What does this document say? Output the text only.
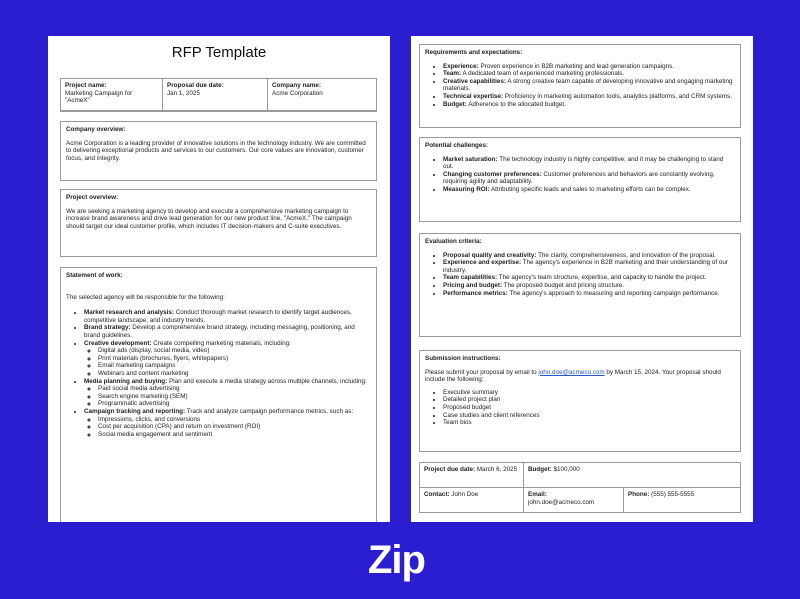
RFP Template
Project name:
Marketing Campaign for "AcmeX"
Proposal due date:
Jan 1, 2025
Company name:
Acme Corporation
Company overview:

Acme Corporation is a leading provider of innovative solutions in the technology industry. We are committed to delivering exceptional products and services to our customers. Our core values are innovation, customer focus, and integrity.

Project overview:

We are seeking a marketing agency to develop and execute a comprehensive marketing campaign to increase brand awareness and drive lead generation for our new product line, "AcmeX." The campaign should target our ideal customer profile, which includes IT decision-makers and C-suite executives.

Statement of work:

The selected agency will be responsible for the following:

• Market research and analysis: Conduct thorough market research to identify target audiences, competitive landscape, and industry trends.
• Brand strategy: Develop a comprehensive brand strategy, including messaging, positioning, and brand guidelines.
• Creative development: Create compelling marketing materials, including:
◦ Digital ads (display, social media, video)
◦ Print materials (brochures, flyers, whitepapers)
◦ Email marketing campaigns
◦ Webinars and content marketing
• Media planning and buying: Plan and execute a media strategy across multiple channels, including:
◦ Paid social media advertising
◦ Search engine marketing (SEM)
◦ Programmatic advertising
• Campaign tracking and reporting: Track and analyze campaign performance metrics, such as:
◦ Impressions, clicks, and conversions
◦ Cost per acquisition (CPA) and return on investment (ROI)
◦ Social media engagement and sentiment
Requirements and expectations:
• Experience: Proven experience in B2B marketing and lead generation campaigns.
• Team: A dedicated team of experienced marketing professionals.
• Creative capabilities: A strong creative team capable of developing innovative and engaging marketing materials.
• Technical expertise: Proficiency in marketing automation tools, analytics platforms, and CRM systems.
• Budget: Adherence to the allocated budget.
Potential challenges:
• Market saturation: The technology industry is highly competitive, and it may be challenging to stand out.
• Changing customer preferences: Customer preferences and behaviors are constantly evolving, requiring agility and adaptability.
• Measuring ROI: Attributing specific leads and sales to marketing efforts can be complex.
Evaluation criteria:
• Proposal quality and creativity: The clarity, comprehensiveness, and innovation of the proposal.
• Experience and expertise: The agency's experience in B2B marketing and their understanding of our industry.
• Team capabilities: The agency's team structure, expertise, and capacity to handle the project.
• Pricing and budget: The proposed budget and pricing structure.
• Performance metrics: The agency's approach to measuring and reporting campaign performance.
Submission instructions:

Please submit your proposal by email to john.doe@acmeco.com by March 15, 2024. Your proposal should include the following:

• Executive summary
• Detailed project plan
• Proposed budget
• Case studies and client references
• Team bios
Project due date: March 6, 2025	Budget: $100,000
Contact: John Doe	Email:
john.doe@acmeco.com
Phone: (555) 555-5555
Zip
